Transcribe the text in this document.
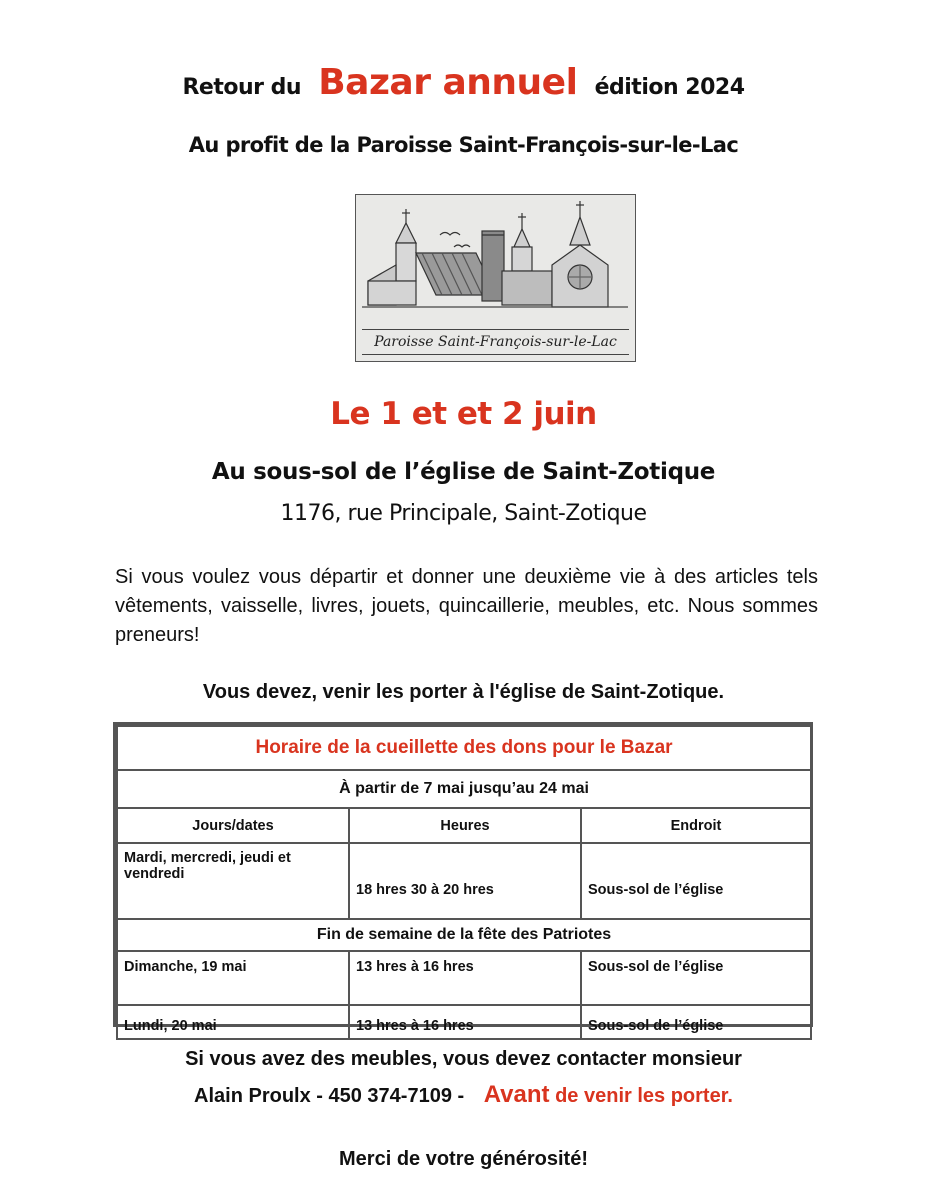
Retour du Bazar annuel édition 2024
Au profit de la Paroisse Saint-François-sur-le-Lac
Paroisse Saint-François-sur-le-Lac
Le 1 et et 2 juin
Au sous-sol de l’église de Saint-Zotique
1176, rue Principale, Saint-Zotique
Si vous voulez vous départir et donner une deuxième vie à des articles tels vêtements, vaisselle, livres, jouets, quincaillerie, meubles, etc. Nous sommes preneurs!
Vous devez, venir les porter à l'église de Saint-Zotique.
Horaire de la cueillette des dons pour le Bazar		
À partir de 7 mai jusqu’au 24 mai		
Jours/dates	Heures	Endroit
Mardi, mercredi, jeudi et vendredi	18 hres 30 à 20 hres	Sous-sol de l’église
Fin de semaine de la fête des Patriotes		
Dimanche, 19 mai	13 hres à 16 hres	Sous-sol de l’église
Lundi, 20 mai	13 hres à 16 hres	Sous-sol de l’église
Si vous avez des meubles, vous devez contacter monsieur
Alain Proulx - 450 374-7109 - Avant de venir les porter.
Merci de votre générosité!
